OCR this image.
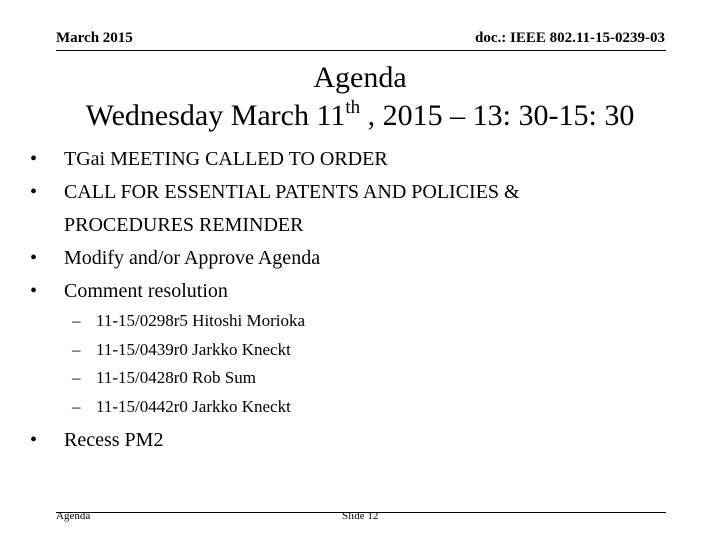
March 2015	doc.: IEEE 802.11-15-0239-03
Agenda
Wednesday March 11th , 2015 – 13: 30-15: 30
•	TGai MEETING CALLED TO ORDER
•	CALL FOR ESSENTIAL PATENTS AND POLICIES &
PROCEDURES REMINDER
•	Modify and/or Approve Agenda
•	Comment resolution
– 11-15/0298r5 Hitoshi Morioka
– 11-15/0439r0 Jarkko Kneckt
– 11-15/0428r0 Rob Sum
– 11-15/0442r0 Jarkko Kneckt
• Recess PM2
Agenda	Slide 12
